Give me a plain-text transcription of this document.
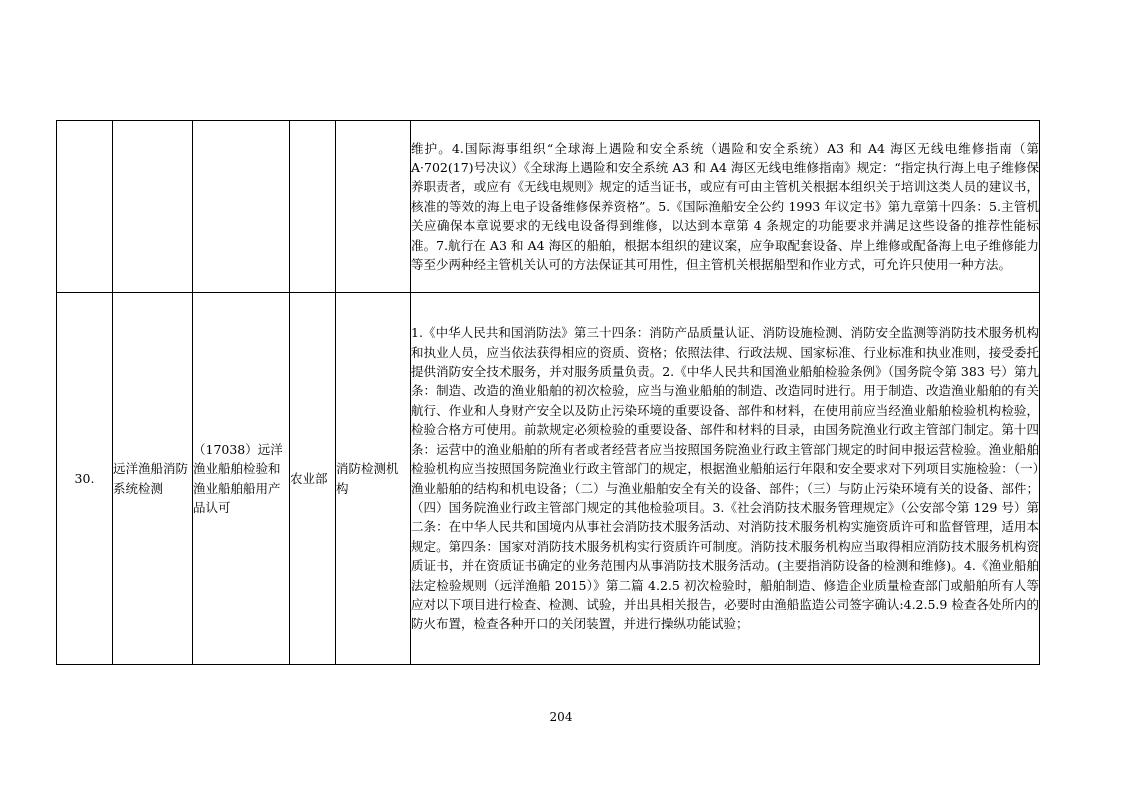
					维护。4.国际海事组织“全球海上遇险和安全系统（遇险和安全系统）A3 和 A4 海区无线电维修指南（第 A·702(17)号决议）《全球海上遇险和安全系统 A3 和 A4 海区无线电维修指南》规定：“指定执行海上电子维修保养职责者，或应有《无线电规则》规定的适当证书，或应有可由主管机关根据本组织关于培训这类人员的建议书，核准的等效的海上电子设备维修保养资格”。5.《国际渔船安全公约 1993 年议定书》第九章第十四条：5.主管机关应确保本章说要求的无线电设备得到维修，以达到本章第 4 条规定的功能要求并满足这些设备的推荐性能标准。7.航行在 A3 和 A4 海区的船舶，根据本组织的建议案，应争取配套设备、岸上维修或配备海上电子维修能力等至少两种经主管机关认可的方法保证其可用性，但主管机关根据船型和作业方式，可允许只使用一种方法。
30.	远洋渔船消防系统检测	（17038）远洋渔业船舶检验和渔业船舶船用产品认可	农业部	消防检测机构	1.《中华人民共和国消防法》第三十四条：消防产品质量认证、消防设施检测、消防安全监测等消防技术服务机构和执业人员，应当依法获得相应的资质、资格；依照法律、行政法规、国家标准、行业标准和执业准则，接受委托提供消防安全技术服务，并对服务质量负责。2.《中华人民共和国渔业船舶检验条例》（国务院令第 383 号）第九条：制造、改造的渔业船舶的初次检验，应当与渔业船舶的制造、改造同时进行。用于制造、改造渔业船舶的有关航行、作业和人身财产安全以及防止污染环境的重要设备、部件和材料，在使用前应当经渔业船舶检验机构检验，检验合格方可使用。前款规定必须检验的重要设备、部件和材料的目录，由国务院渔业行政主管部门制定。第十四条：运营中的渔业船舶的所有者或者经营者应当按照国务院渔业行政主管部门规定的时间申报运营检验。渔业船舶检验机构应当按照国务院渔业行政主管部门的规定，根据渔业船舶运行年限和安全要求对下列项目实施检验：（一）渔业船舶的结构和机电设备；（二）与渔业船舶安全有关的设备、部件；（三）与防止污染环境有关的设备、部件；（四）国务院渔业行政主管部门规定的其他检验项目。3.《社会消防技术服务管理规定》（公安部令第 129 号）第二条：在中华人民共和国境内从事社会消防技术服务活动、对消防技术服务机构实施资质许可和监督管理，适用本规定。第四条：国家对消防技术服务机构实行资质许可制度。消防技术服务机构应当取得相应消防技术服务机构资质证书，并在资质证书确定的业务范围内从事消防技术服务活动。(主要指消防设备的检测和维修)。4.《渔业船舶法定检验规则（远洋渔船 2015）》第二篇 4.2.5 初次检验时，船舶制造、修造企业质量检查部门或船舶所有人等应对以下项目进行检查、检测、试验，并出具相关报告，必要时由渔船监造公司签字确认:4.2.5.9 检查各处所内的防火布置，检查各种开口的关闭装置，并进行操纵功能试验；
204
